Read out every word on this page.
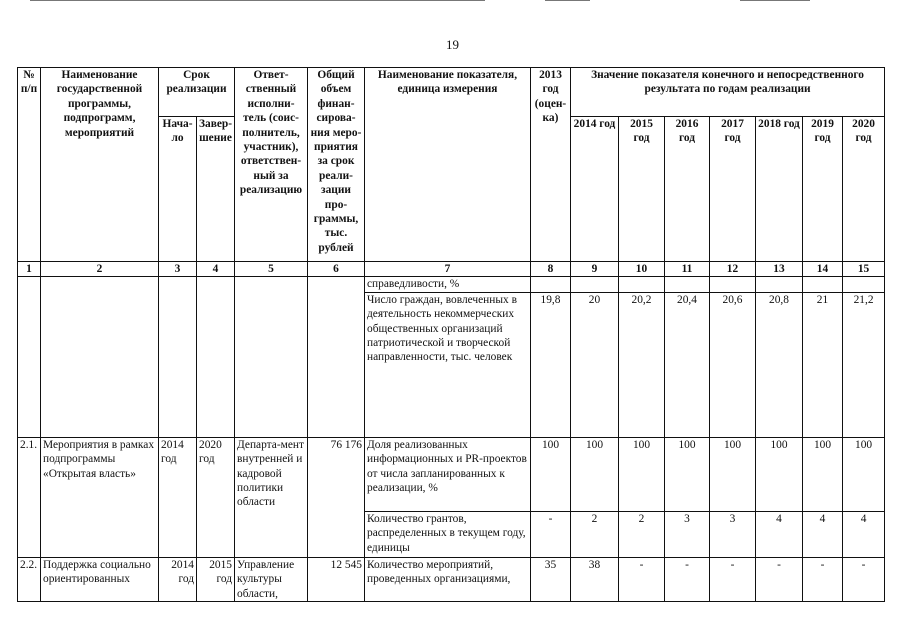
19
№ п/п	Наименование государственной программы, подпрограмм, мероприятий	Срок реализации		Ответ-ственный исполни-тель (соис-полнитель, участник), ответствен-ный за реализацию	Общий объем финан-сирова-ния меро-приятия за срок реали-зации про-граммы, тыс. рублей	Наименование показателя, единица измерения	2013 год (оцен-ка)	Значение показателя конечного и непосредственного результата по годам реализации						
		Нача-ло	Завер-шение					2014 год	2015 год	2016 год	2017 год	2018 год	2019 год	2020 год
1	2	3	4	5	6	7	8	9	10	11	12	13	14	15
						справедливости, %								
						Число граждан, вовлеченных в деятельность некоммерческих общественных организаций патриотической и творческой направленности, тыс. человек	19,8	20	20,2	20,4	20,6	20,8	21	21,2
2.1.	Мероприятия в рамках подпрограммы «Открытая власть»	2014 год	2020 год	Департа-мент внутренней и кадровой политики области	76 176	Доля реализованных информационных и PR-проектов от числа запланированных к реализации, %	100	100	100	100	100	100	100	100
						Количество грантов, распределенных в текущем году, единицы	-	2	2	3	3	4	4	4
2.2.	Поддержка социально ориентированных	2014 год	2015 год	Управление культуры области,	12 545	Количество мероприятий, проведенных организациями,	35	38	-	-	-	-	-	-
